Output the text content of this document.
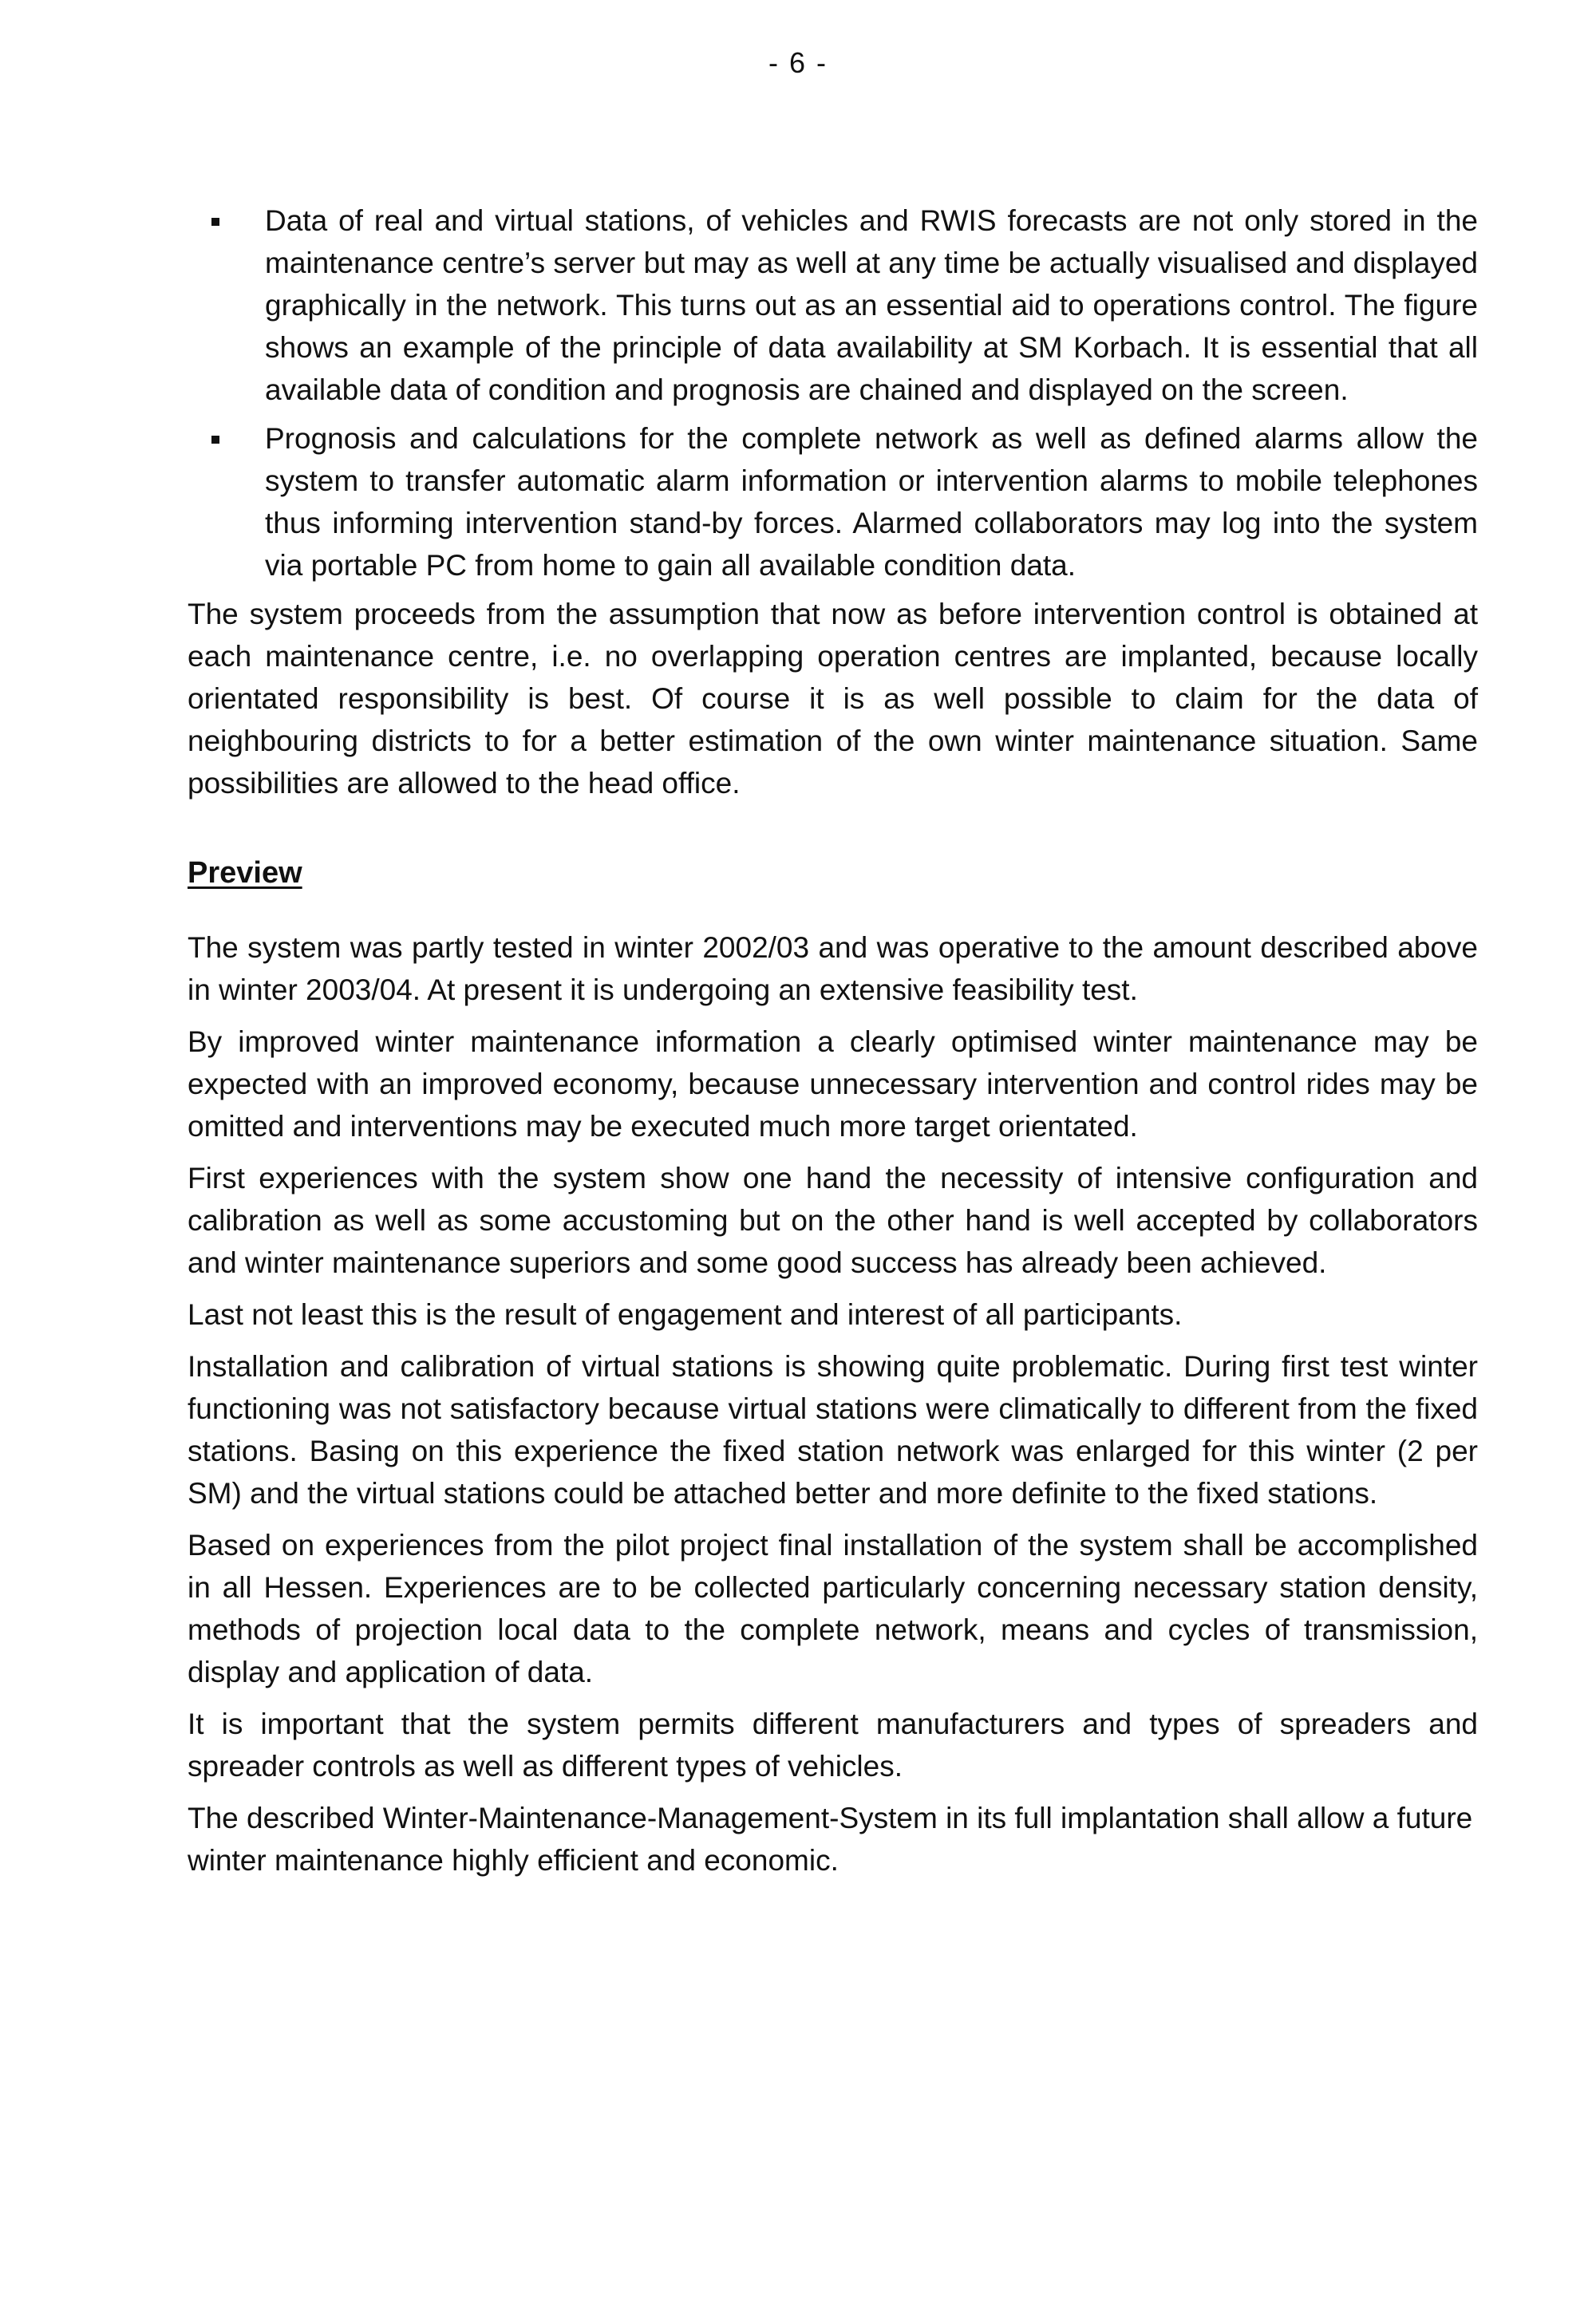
- 6 -
Data of real and virtual stations, of vehicles and RWIS forecasts are not only stored in the maintenance centre’s server but may as well at any time be actually visualised and displayed graphically in the network. This turns out as an essential aid to operations control. The figure shows an example of the principle of data availability at SM Korbach. It is essential that all available data of condition and prognosis are chained and displayed on the screen.
Prognosis and calculations for the complete network as well as defined alarms allow the system to transfer automatic alarm information or intervention alarms to mobile telephones thus informing intervention stand-by forces. Alarmed collaborators may log into the system via portable PC from home to gain all available condition data.

The system proceeds from the assumption that now as before intervention control is obtained at each maintenance centre, i.e. no overlapping operation centres are implanted, because locally orientated responsibility is best. Of course it is as well possible to claim for the data of neighbouring districts to for a better estimation of the own winter maintenance situation. Same possibilities are allowed to the head office.

Preview

The system was partly tested in winter 2002/03 and was operative to the amount described above in winter 2003/04. At present it is undergoing an extensive feasibility test.

By improved winter maintenance information a clearly optimised winter maintenance may be expected with an improved economy, because unnecessary intervention and control rides may be omitted and interventions may be executed much more target orientated.

First experiences with the system show one hand the necessity of intensive configuration and calibration as well as some accustoming but on the other hand is well accepted by collaborators and winter maintenance superiors and some good success has already been achieved.

Last not least this is the result of engagement and interest of all participants.

Installation and calibration of virtual stations is showing quite problematic. During first test winter functioning was not satisfactory because virtual stations were climatically to different from the fixed stations. Basing on this experience the fixed station network was enlarged for this winter (2 per SM) and the virtual stations could be attached better and more definite to the fixed stations.

Based on experiences from the pilot project final installation of the system shall be accomplished in all Hessen. Experiences are to be collected particularly concerning necessary station density, methods of projection local data to the complete network, means and cycles of transmission, display and application of data.

It is important that the system permits different manufacturers and types of spreaders and spreader controls as well as different types of vehicles.

The described Winter-Maintenance-Management-System in its full implantation shall allow a future winter maintenance highly efficient and economic.
